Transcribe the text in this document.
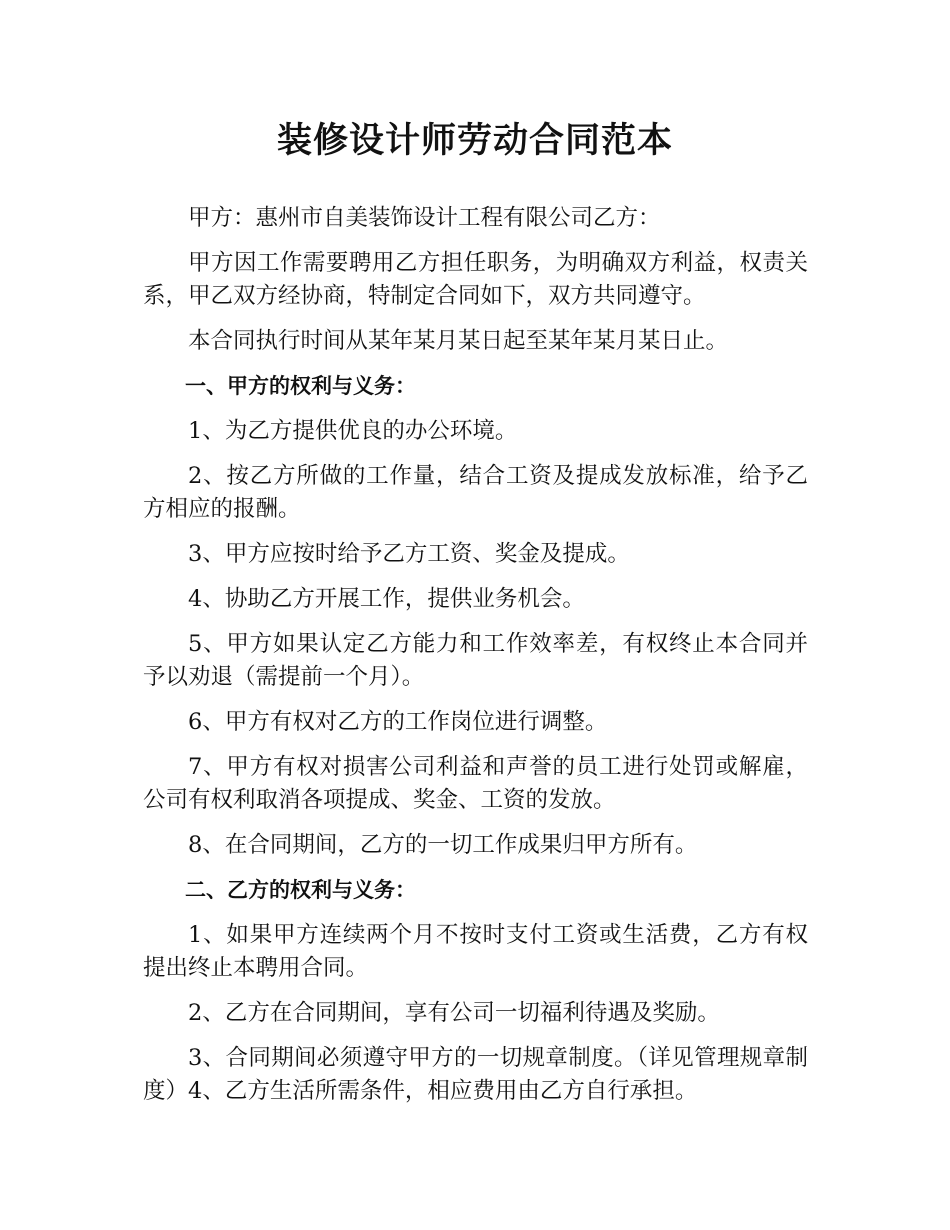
装修设计师劳动合同范本

甲方：惠州市自美装饰设计工程有限公司乙方：

甲方因工作需要聘用乙方担任职务，为明确双方利益，权责关系，甲乙双方经协商，特制定合同如下，双方共同遵守。

本合同执行时间从某年某月某日起至某年某月某日止。

一、甲方的权利与义务：

1、为乙方提供优良的办公环境。

2、按乙方所做的工作量，结合工资及提成发放标准，给予乙方相应的报酬。

3、甲方应按时给予乙方工资、奖金及提成。

4、协助乙方开展工作，提供业务机会。

5、甲方如果认定乙方能力和工作效率差，有权终止本合同并予以劝退（需提前一个月）。

6、甲方有权对乙方的工作岗位进行调整。

7、甲方有权对损害公司利益和声誉的员工进行处罚或解雇，公司有权利取消各项提成、奖金、工资的发放。

8、在合同期间，乙方的一切工作成果归甲方所有。

二、乙方的权利与义务：

1、如果甲方连续两个月不按时支付工资或生活费，乙方有权提出终止本聘用合同。

2、乙方在合同期间，享有公司一切福利待遇及奖励。

3、合同期间必须遵守甲方的一切规章制度。（详见管理规章制度）4、乙方生活所需条件，相应费用由乙方自行承担。
